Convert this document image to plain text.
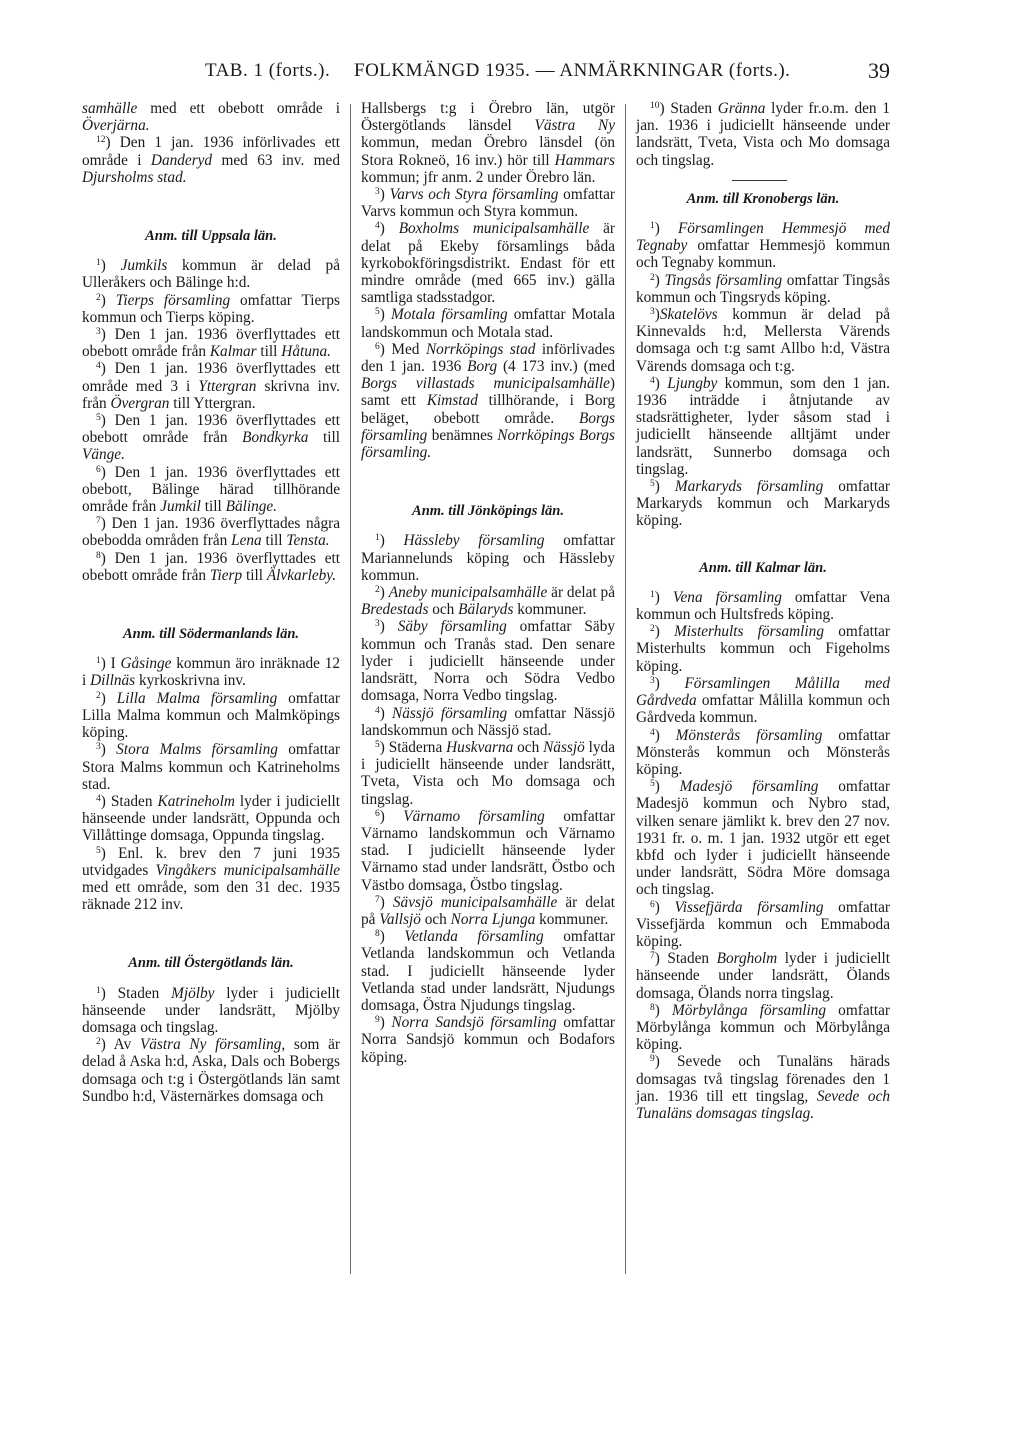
TAB. 1 (forts.). FOLKMÄNGD 1935. — ANMÄRKNINGAR (forts.).	39

samhälle med ett obebott område i Överjärna.

$^{12}$) Den 1 jan. 1936 införlivades ett område i Danderyd med 63 inv. med Djursholms stad.

Anm. till Uppsala län.

$^1$) Jumkils kommun är delad på Ulleråkers och Bälinge h:d.

$^2$) Tierps församling omfattar Tierps kommun och Tierps köping.

$^3$) Den 1 jan. 1936 överflyttades ett obebott område från Kalmar till Håtuna.

$^4$) Den 1 jan. 1936 överflyttades ett område med 3 i Yttergran skrivna inv. från Övergran till Yttergran.

$^5$) Den 1 jan. 1936 överflyttades ett obebott område från Bondkyrka till Vänge.

$^6$) Den 1 jan. 1936 överflyttades ett obebott, Bälinge härad tillhörande område från Jumkil till Bälinge.

$^7$) Den 1 jan. 1936 överflyttades några obebodda områden från Lena till Tensta.

$^8$) Den 1 jan. 1936 överflyttades ett obebott område från Tierp till Älvkarleby.

Anm. till Södermanlands län.

$^1$) I Gåsinge kommun äro inräknade 12 i Dillnäs kyrkoskrivna inv.

$^2$) Lilla Malma församling omfattar Lilla Malma kommun och Malmköpings köping.

$^3$) Stora Malms församling omfattar Stora Malms kommun och Katrineholms stad.

$^4$) Staden Katrineholm lyder i judiciellt hänseende under landsrätt, Oppunda och Villåttinge domsaga, Oppunda tingslag.

$^5$) Enl. k. brev den 7 juni 1935 utvidgades Vingåkers municipalsamhälle med ett område, som den 31 dec. 1935 räknade 212 inv.

Anm. till Östergötlands län.

$^1$) Staden Mjölby lyder i judiciellt hänseende under landsrätt, Mjölby domsaga och tingslag.

$^2$) Av Västra Ny församling, som är delad å Aska h:d, Aska, Dals och Bobergs domsaga och t:g i Östergötlands län samt Sundbo h:d, Västernärkes domsaga och

Hallsbergs t:g i Örebro län, utgör Östergötlands länsdel Västra Ny kommun, medan Örebro länsdel (ön Stora Rokneö, 16 inv.) hör till Hammars kommun; jfr anm. 2 under Örebro län.

$^3$) Varvs och Styra församling omfattar Varvs kommun och Styra kommun.

$^4$) Boxholms municipalsamhälle är delat på Ekeby församlings båda kyrkobokföringsdistrikt. Endast för ett mindre område (med 665 inv.) gälla samtliga stadsstadgor.

$^5$) Motala församling omfattar Motala landskommun och Motala stad.

$^6$) Med Norrköpings stad införlivades den 1 jan. 1936 Borg (4 173 inv.) (med Borgs villastads municipalsamhälle) samt ett Kimstad tillhörande, i Borg beläget, obebott område. Borgs församling benämnes Norrköpings Borgs församling.

Anm. till Jönköpings län.

$^1$) Hässleby församling omfattar Mariannelunds köping och Hässleby kommun.

$^2$) Aneby municipalsamhälle är delat på Bredestads och Bälaryds kommuner.

$^3$) Säby församling omfattar Säby kommun och Tranås stad. Den senare lyder i judiciellt hänseende under landsrätt, Norra och Södra Vedbo domsaga, Norra Vedbo tingslag.

$^4$) Nässjö församling omfattar Nässjö landskommun och Nässjö stad.

$^5$) Städerna Huskvarna och Nässjö lyda i judiciellt hänseende under landsrätt, Tveta, Vista och Mo domsaga och tingslag.

$^6$) Värnamo församling omfattar Värnamo landskommun och Värnamo stad. I judiciellt hänseende lyder Värnamo stad under landsrätt, Östbo och Västbo domsaga, Östbo tingslag.

$^7$) Sävsjö municipalsamhälle är delat på Vallsjö och Norra Ljunga kommuner.

$^8$) Vetlanda församling omfattar Vetlanda landskommun och Vetlanda stad. I judiciellt hänseende lyder Vetlanda stad under landsrätt, Njudungs domsaga, Östra Njudungs tingslag.

$^9$) Norra Sandsjö församling omfattar Norra Sandsjö kommun och Bodafors köping.

$^{10}$) Staden Gränna lyder fr.o.m. den 1 jan. 1936 i judiciellt hänseende under landsrätt, Tveta, Vista och Mo domsaga och tingslag.

Anm. till Kronobergs län.

$^1$) Församlingen Hemmesjö med Tegnaby omfattar Hemmesjö kommun och Tegnaby kommun.

$^2$) Tingsås församling omfattar Tingsås kommun och Tingsryds köping.

$^3$)Skatelövs kommun är delad på Kinnevalds h:d, Mellersta Värends domsaga och t:g samt Allbo h:d, Västra Värends domsaga och t:g.

$^4$) Ljungby kommun, som den 1 jan. 1936 inträdde i åtnjutande av stadsrättigheter, lyder såsom stad i judiciellt hänseende alltjämt under landsrätt, Sunnerbo domsaga och tingslag.

$^5$) Markaryds församling omfattar Markaryds kommun och Markaryds köping.

Anm. till Kalmar län.

$^1$) Vena församling omfattar Vena kommun och Hultsfreds köping.

$^2$) Misterhults församling omfattar Misterhults kommun och Figeholms köping.

$^3$) Församlingen Målilla med Gårdveda omfattar Målilla kommun och Gårdveda kommun.

$^4$) Mönsterås församling omfattar Mönsterås kommun och Mönsterås köping.

$^5$) Madesjö församling omfattar Madesjö kommun och Nybro stad, vilken senare jämlikt k. brev den 27 nov. 1931 fr. o. m. 1 jan. 1932 utgör ett eget kbfd och lyder i judiciellt hänseende under landsrätt, Södra Möre domsaga och tingslag.

$^6$) Vissefjärda församling omfattar Vissefjärda kommun och Emmaboda köping.

$^7$) Staden Borgholm lyder i judiciellt hänseende under landsrätt, Ölands domsaga, Ölands norra tingslag.

$^8$) Mörbylånga församling omfattar Mörbylånga kommun och Mörbylånga köping.

$^9$) Sevede och Tunaläns härads domsagas två tingslag förenades den 1 jan. 1936 till ett tingslag, Sevede och Tunaläns domsagas tingslag.
